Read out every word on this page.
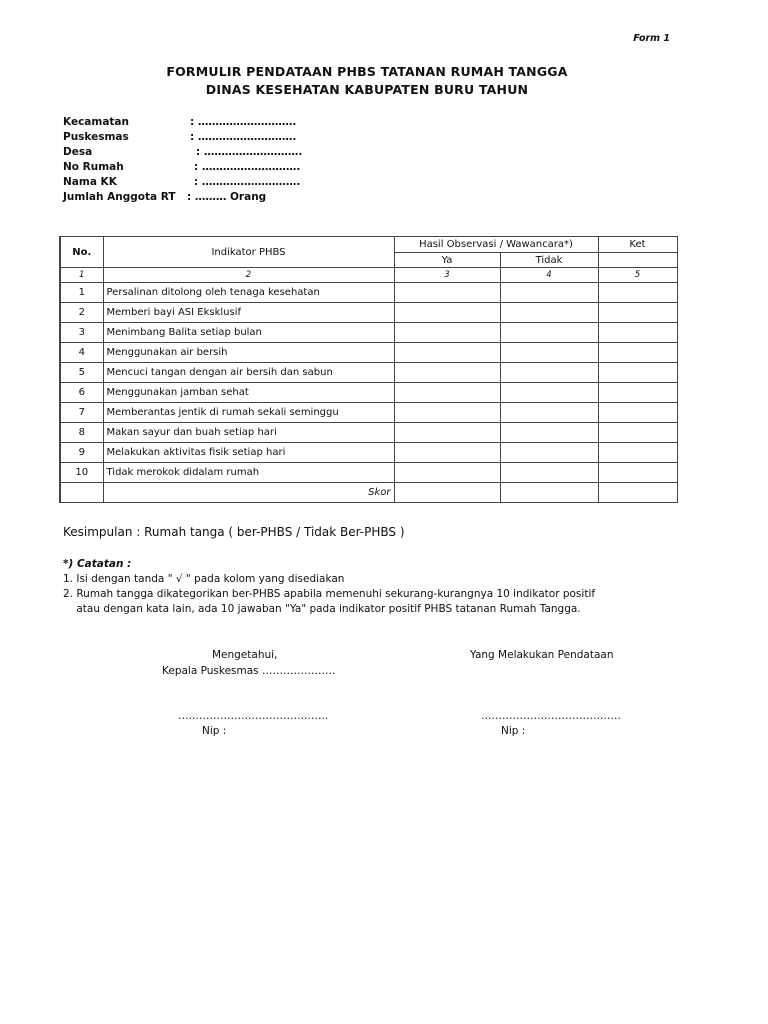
Form 1
FORMULIR PENDATAAN PHBS TATANAN RUMAH TANGGA
DINAS KESEHATAN KABUPATEN BURU TAHUN
Kecamatan	: ……………………….
Puskesmas	: ……………………….
Desa	: ……………………….
No Rumah	: ……………………….
Nama KK	: ……………………….
Jumlah Anggota RT : ……… Orang
No.	Indikator PHBS	Hasil Observasi / Wawancara*)		Ket
		Ya	Tidak	
1	2	3	4	5
1	Persalinan ditolong oleh tenaga kesehatan			
2	Memberi bayi ASI Eksklusif			
3	Menimbang Balita setiap bulan			
4	Menggunakan air bersih			
5	Mencuci tangan dengan air bersih dan sabun			
6	Menggunakan jamban sehat			
7	Memberantas jentik di rumah sekali seminggu			
8	Makan sayur dan buah setiap hari			
9	Melakukan aktivitas fisik setiap hari			
10	Tidak merokok didalam rumah			
	Skor			
Kesimpulan : Rumah tanga ( ber-PHBS / Tidak Ber-PHBS )
*) Catatan :
1. Isi dengan tanda " √ " pada kolom yang disediakan
2. Rumah tangga dikategorikan ber-PHBS apabila memenuhi sekurang-kurangnya 10 indikator positif
atau dengan kata lain, ada 10 jawaban "Ya" pada indikator positif PHBS tatanan Rumah Tangga.
Mengetahui,
Kepala Puskesmas …………………
…………………………………….
Nip :
Yang Melakukan Pendataan
………………………………….
Nip :
